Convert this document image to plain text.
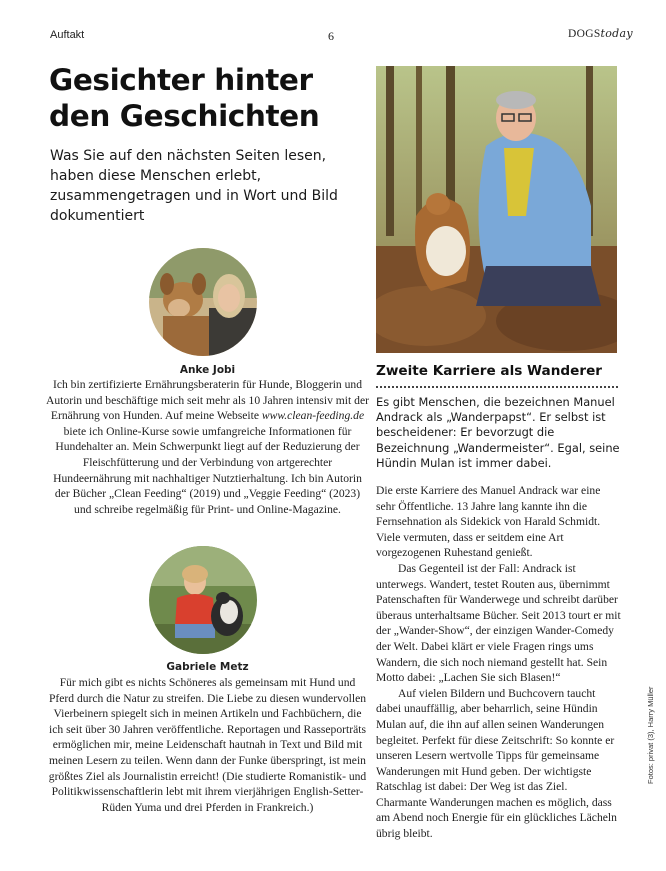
Auftakt	6	DOGStoday
Gesichter hinter
den Geschichten

Was Sie auf den nächsten Seiten lesen, haben diese Menschen erlebt, zusammengetragen und in Wort und Bild dokumentiert

Anke Jobi

Ich bin zertifizierte Ernährungsberaterin für Hunde, Bloggerin und Autorin und beschäftige mich seit mehr als 10 Jahren intensiv mit der Ernährung von Hunden. Auf meine Webseite www.clean-feeding.de biete ich Online-Kurse sowie umfangreiche Informationen für Hundehalter an. Mein Schwerpunkt liegt auf der Reduzierung der Fleischfütterung und der Verbindung von artgerechter Hundeernährung mit nachhaltiger Nutztierhaltung. Ich bin Autorin der Bücher „Clean Feeding“ (2019) und „Veggie Feeding“ (2023) und schreibe regelmäßig für Print- und Online-Magazine.

Gabriele Metz

Für mich gibt es nichts Schöneres als gemeinsam mit Hund und Pferd durch die Natur zu streifen. Die Liebe zu diesen wundervollen Vierbeinern spiegelt sich in meinen Artikeln und Fachbüchern, die ich seit über 30 Jahren veröffentliche. Reportagen und Rasseporträts ermöglichen mir, meine Leidenschaft hautnah in Text und Bild mit meinen Lesern zu teilen. Wenn dann der Funke überspringt, ist mein größtes Ziel als Journalistin erreicht! (Die studierte Romanistik- und Politikwissenschaftlerin lebt mit ihrem vierjährigen English-Setter-Rüden Yuma und drei Pferden in Frankreich.)

Zweite Karriere als Wanderer

Es gibt Menschen, die bezeichnen Manuel Andrack als „Wanderpapst“. Er selbst ist bescheidener: Er bevorzugt die Bezeichnung „Wandermeister“. Egal, seine Hündin Mulan ist immer dabei.

Die erste Karriere des Manuel Andrack war eine sehr Öffentliche. 13 Jahre lang kannte ihn die Fernsehnation als Sidekick von Harald Schmidt. Viele vermuten, dass er seitdem eine Art vorgezogenen Ruhestand genießt.

Das Gegenteil ist der Fall: Andrack ist unterwegs. Wandert, testet Routen aus, übernimmt Patenschaften für Wanderwege und schreibt darüber überaus unterhaltsame Bücher. Seit 2013 tourt er mit der „Wander-Show“, der einzigen Wander-Comedy der Welt. Dabei klärt er viele Fragen rings ums Wandern, die sich noch niemand gestellt hat. Sein Motto dabei: „Lachen Sie sich Blasen!“

Auf vielen Bildern und Buchcovern taucht dabei unauffällig, aber beharrlich, seine Hündin Mulan auf, die ihn auf allen seinen Wanderungen begleitet. Perfekt für diese Zeitschrift: So konnte er unseren Lesern wertvolle Tipps für gemeinsame Wanderungen mit Hund geben. Der wichtigste Ratschlag ist dabei: Der Weg ist das Ziel. Charmante Wanderungen machen es möglich, dass am Abend noch Energie für ein glückliches Lächeln übrig bleibt.

Fotos: privat (3), Harry Müller
